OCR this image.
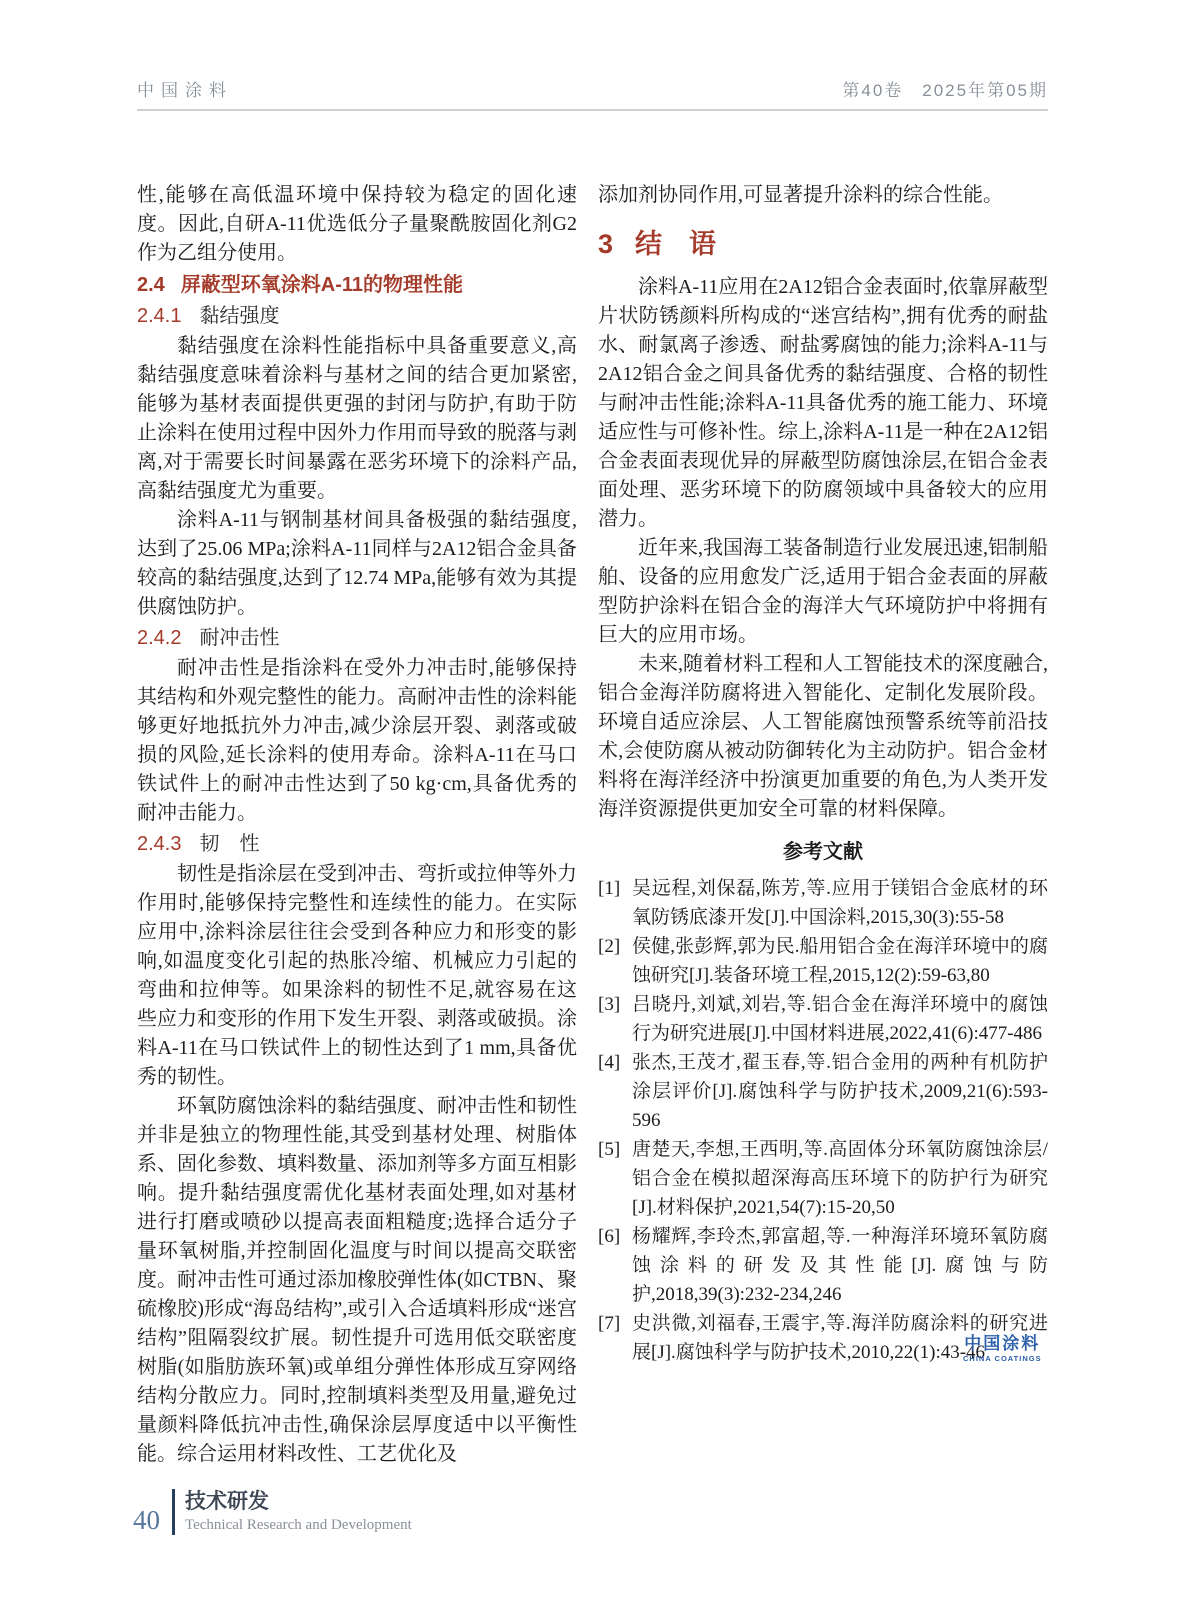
中国涂料	第40卷　2025年第05期

性,能够在高低温环境中保持较为稳定的固化速度。因此,自研A-11优选低分子量聚酰胺固化剂G2作为乙组分使用。

2.4 屏蔽型环氧涂料A-11的物理性能
2.4.1 黏结强度

黏结强度在涂料性能指标中具备重要意义,高黏结强度意味着涂料与基材之间的结合更加紧密,能够为基材表面提供更强的封闭与防护,有助于防止涂料在使用过程中因外力作用而导致的脱落与剥离,对于需要长时间暴露在恶劣环境下的涂料产品,高黏结强度尤为重要。

涂料A-11与钢制基材间具备极强的黏结强度,达到了25.06 MPa;涂料A-11同样与2A12铝合金具备较高的黏结强度,达到了12.74 MPa,能够有效为其提供腐蚀防护。

2.4.2 耐冲击性

耐冲击性是指涂料在受外力冲击时,能够保持其结构和外观完整性的能力。高耐冲击性的涂料能够更好地抵抗外力冲击,减少涂层开裂、剥落或破损的风险,延长涂料的使用寿命。涂料A-11在马口铁试件上的耐冲击性达到了50 kg·cm,具备优秀的耐冲击能力。

2.4.3 韧　性

韧性是指涂层在受到冲击、弯折或拉伸等外力作用时,能够保持完整性和连续性的能力。在实际应用中,涂料涂层往往会受到各种应力和形变的影响,如温度变化引起的热胀冷缩、机械应力引起的弯曲和拉伸等。如果涂料的韧性不足,就容易在这些应力和变形的作用下发生开裂、剥落或破损。涂料A-11在马口铁试件上的韧性达到了1 mm,具备优秀的韧性。

环氧防腐蚀涂料的黏结强度、耐冲击性和韧性并非是独立的物理性能,其受到基材处理、树脂体系、固化参数、填料数量、添加剂等多方面互相影响。提升黏结强度需优化基材表面处理,如对基材进行打磨或喷砂以提高表面粗糙度;选择合适分子量环氧树脂,并控制固化温度与时间以提高交联密度。耐冲击性可通过添加橡胶弹性体(如CTBN、聚硫橡胶)形成“海岛结构”,或引入合适填料形成“迷宫结构”阻隔裂纹扩展。韧性提升可选用低交联密度树脂(如脂肪族环氧)或单组分弹性体形成互穿网络结构分散应力。同时,控制填料类型及用量,避免过量颜料降低抗冲击性,确保涂层厚度适中以平衡性能。综合运用材料改性、工艺优化及

添加剂协同作用,可显著提升涂料的综合性能。

3 结　语

涂料A-11应用在2A12铝合金表面时,依靠屏蔽型片状防锈颜料所构成的“迷宫结构”,拥有优秀的耐盐水、耐氯离子渗透、耐盐雾腐蚀的能力;涂料A-11与2A12铝合金之间具备优秀的黏结强度、合格的韧性与耐冲击性能;涂料A-11具备优秀的施工能力、环境适应性与可修补性。综上,涂料A-11是一种在2A12铝合金表面表现优异的屏蔽型防腐蚀涂层,在铝合金表面处理、恶劣环境下的防腐领域中具备较大的应用潜力。

近年来,我国海工装备制造行业发展迅速,铝制船舶、设备的应用愈发广泛,适用于铝合金表面的屏蔽型防护涂料在铝合金的海洋大气环境防护中将拥有巨大的应用市场。

未来,随着材料工程和人工智能技术的深度融合,铝合金海洋防腐将进入智能化、定制化发展阶段。环境自适应涂层、人工智能腐蚀预警系统等前沿技术,会使防腐从被动防御转化为主动防护。铝合金材料将在海洋经济中扮演更加重要的角色,为人类开发海洋资源提供更加安全可靠的材料保障。

参考文献
[1] 吴远程,刘保磊,陈芳,等.应用于镁铝合金底材的环氧防锈底漆开发[J].中国涂料,2015,30(3):55-58
[2] 侯健,张彭辉,郭为民.船用铝合金在海洋环境中的腐蚀研究[J].装备环境工程,2015,12(2):59-63,80
[3] 吕晓丹,刘斌,刘岩,等.铝合金在海洋环境中的腐蚀行为研究进展[J].中国材料进展,2022,41(6):477-486
[4] 张杰,王茂才,翟玉春,等.铝合金用的两种有机防护涂层评价[J].腐蚀科学与防护技术,2009,21(6):593-596
[5] 唐楚天,李想,王西明,等.高固体分环氧防腐蚀涂层/铝合金在模拟超深海高压环境下的防护行为研究[J].材料保护,2021,54(7):15-20,50
[6] 杨耀辉,李玲杰,郭富超,等.一种海洋环境环氧防腐蚀涂料的研发及其性能[J].腐蚀与防护,2018,39(3):232-234,246
[7] 史洪微,刘福春,王震宇,等.海洋防腐涂料的研究进展[J].腐蚀科学与防护技术,2010,22(1):43-46
中国涂料
CHINA COATINGS
40
技术研发
Technical Research and Development
